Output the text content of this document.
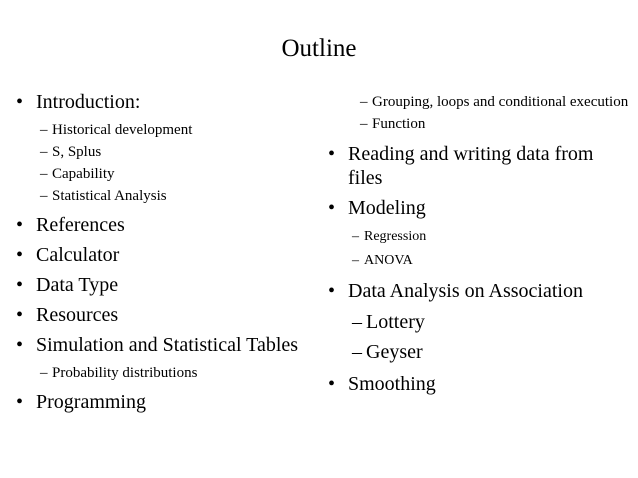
Outline
• Introduction:
– Historical development
– S, Splus
– Capability
– Statistical Analysis
• References
• Calculator
• Data Type
• Resources
• Simulation and Statistical Tables
– Probability distributions
• Programming
– Grouping, loops and conditional execution
– Function
• Reading and writing data from files
• Modeling
– Regression
– ANOVA
• Data Analysis on Association
– Lottery
– Geyser
• Smoothing
